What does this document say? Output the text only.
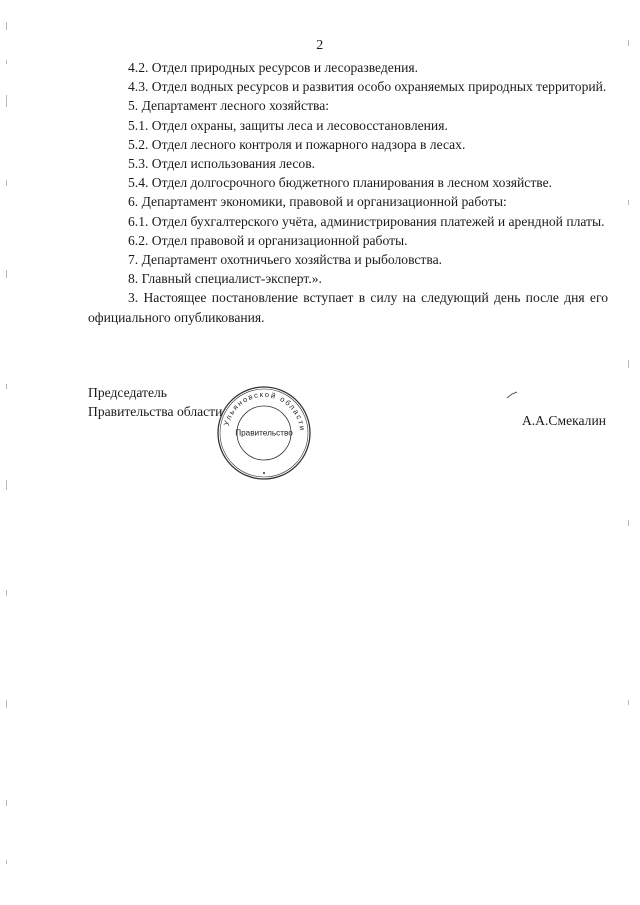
2

4.2. Отдел природных ресурсов и лесоразведения.

4.3. Отдел водных ресурсов и развития особо охраняемых природных территорий.

5. Департамент лесного хозяйства:

5.1. Отдел охраны, защиты леса и лесовосстановления.

5.2. Отдел лесного контроля и пожарного надзора в лесах.

5.3. Отдел использования лесов.

5.4. Отдел долгосрочного бюджетного планирования в лесном хозяйстве.

6. Департамент экономики, правовой и организационной работы:

6.1. Отдел бухгалтерского учёта, администрирования платежей и арендной платы.

6.2. Отдел правовой и организационной работы.

7. Департамент охотничьего хозяйства и рыболовства.

8. Главный специалист-эксперт.».

3. Настоящее постановление вступает в силу на следующий день после дня его официального опубликования.

Председатель
Правительства области
А.А.Смекалин
Ульяновской области
Правительство
